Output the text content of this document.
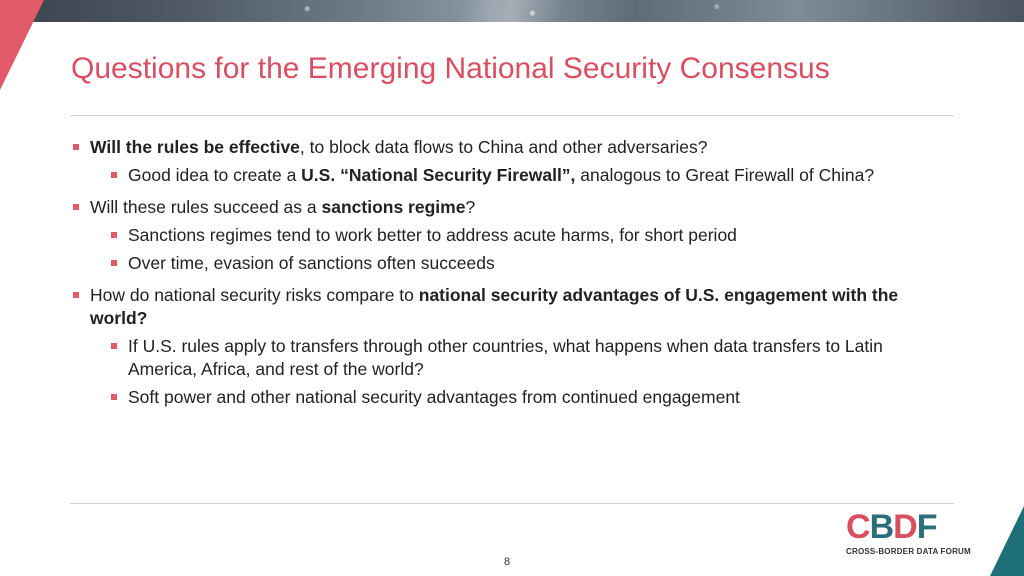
Questions for the Emerging National Security Consensus
Will the rules be effective, to block data flows to China and other adversaries?
Good idea to create a U.S. “National Security Firewall”, analogous to Great Firewall of China?
Will these rules succeed as a sanctions regime?
Sanctions regimes tend to work better to address acute harms, for short period
Over time, evasion of sanctions often succeeds
How do national security risks compare to national security advantages of U.S. engagement with the world?
If U.S. rules apply to transfers through other countries, what happens when data transfers to Latin America, Africa, and rest of the world?
Soft power and other national security advantages from continued engagement
CBDF
CROSS-BORDER DATA FORUM
8
